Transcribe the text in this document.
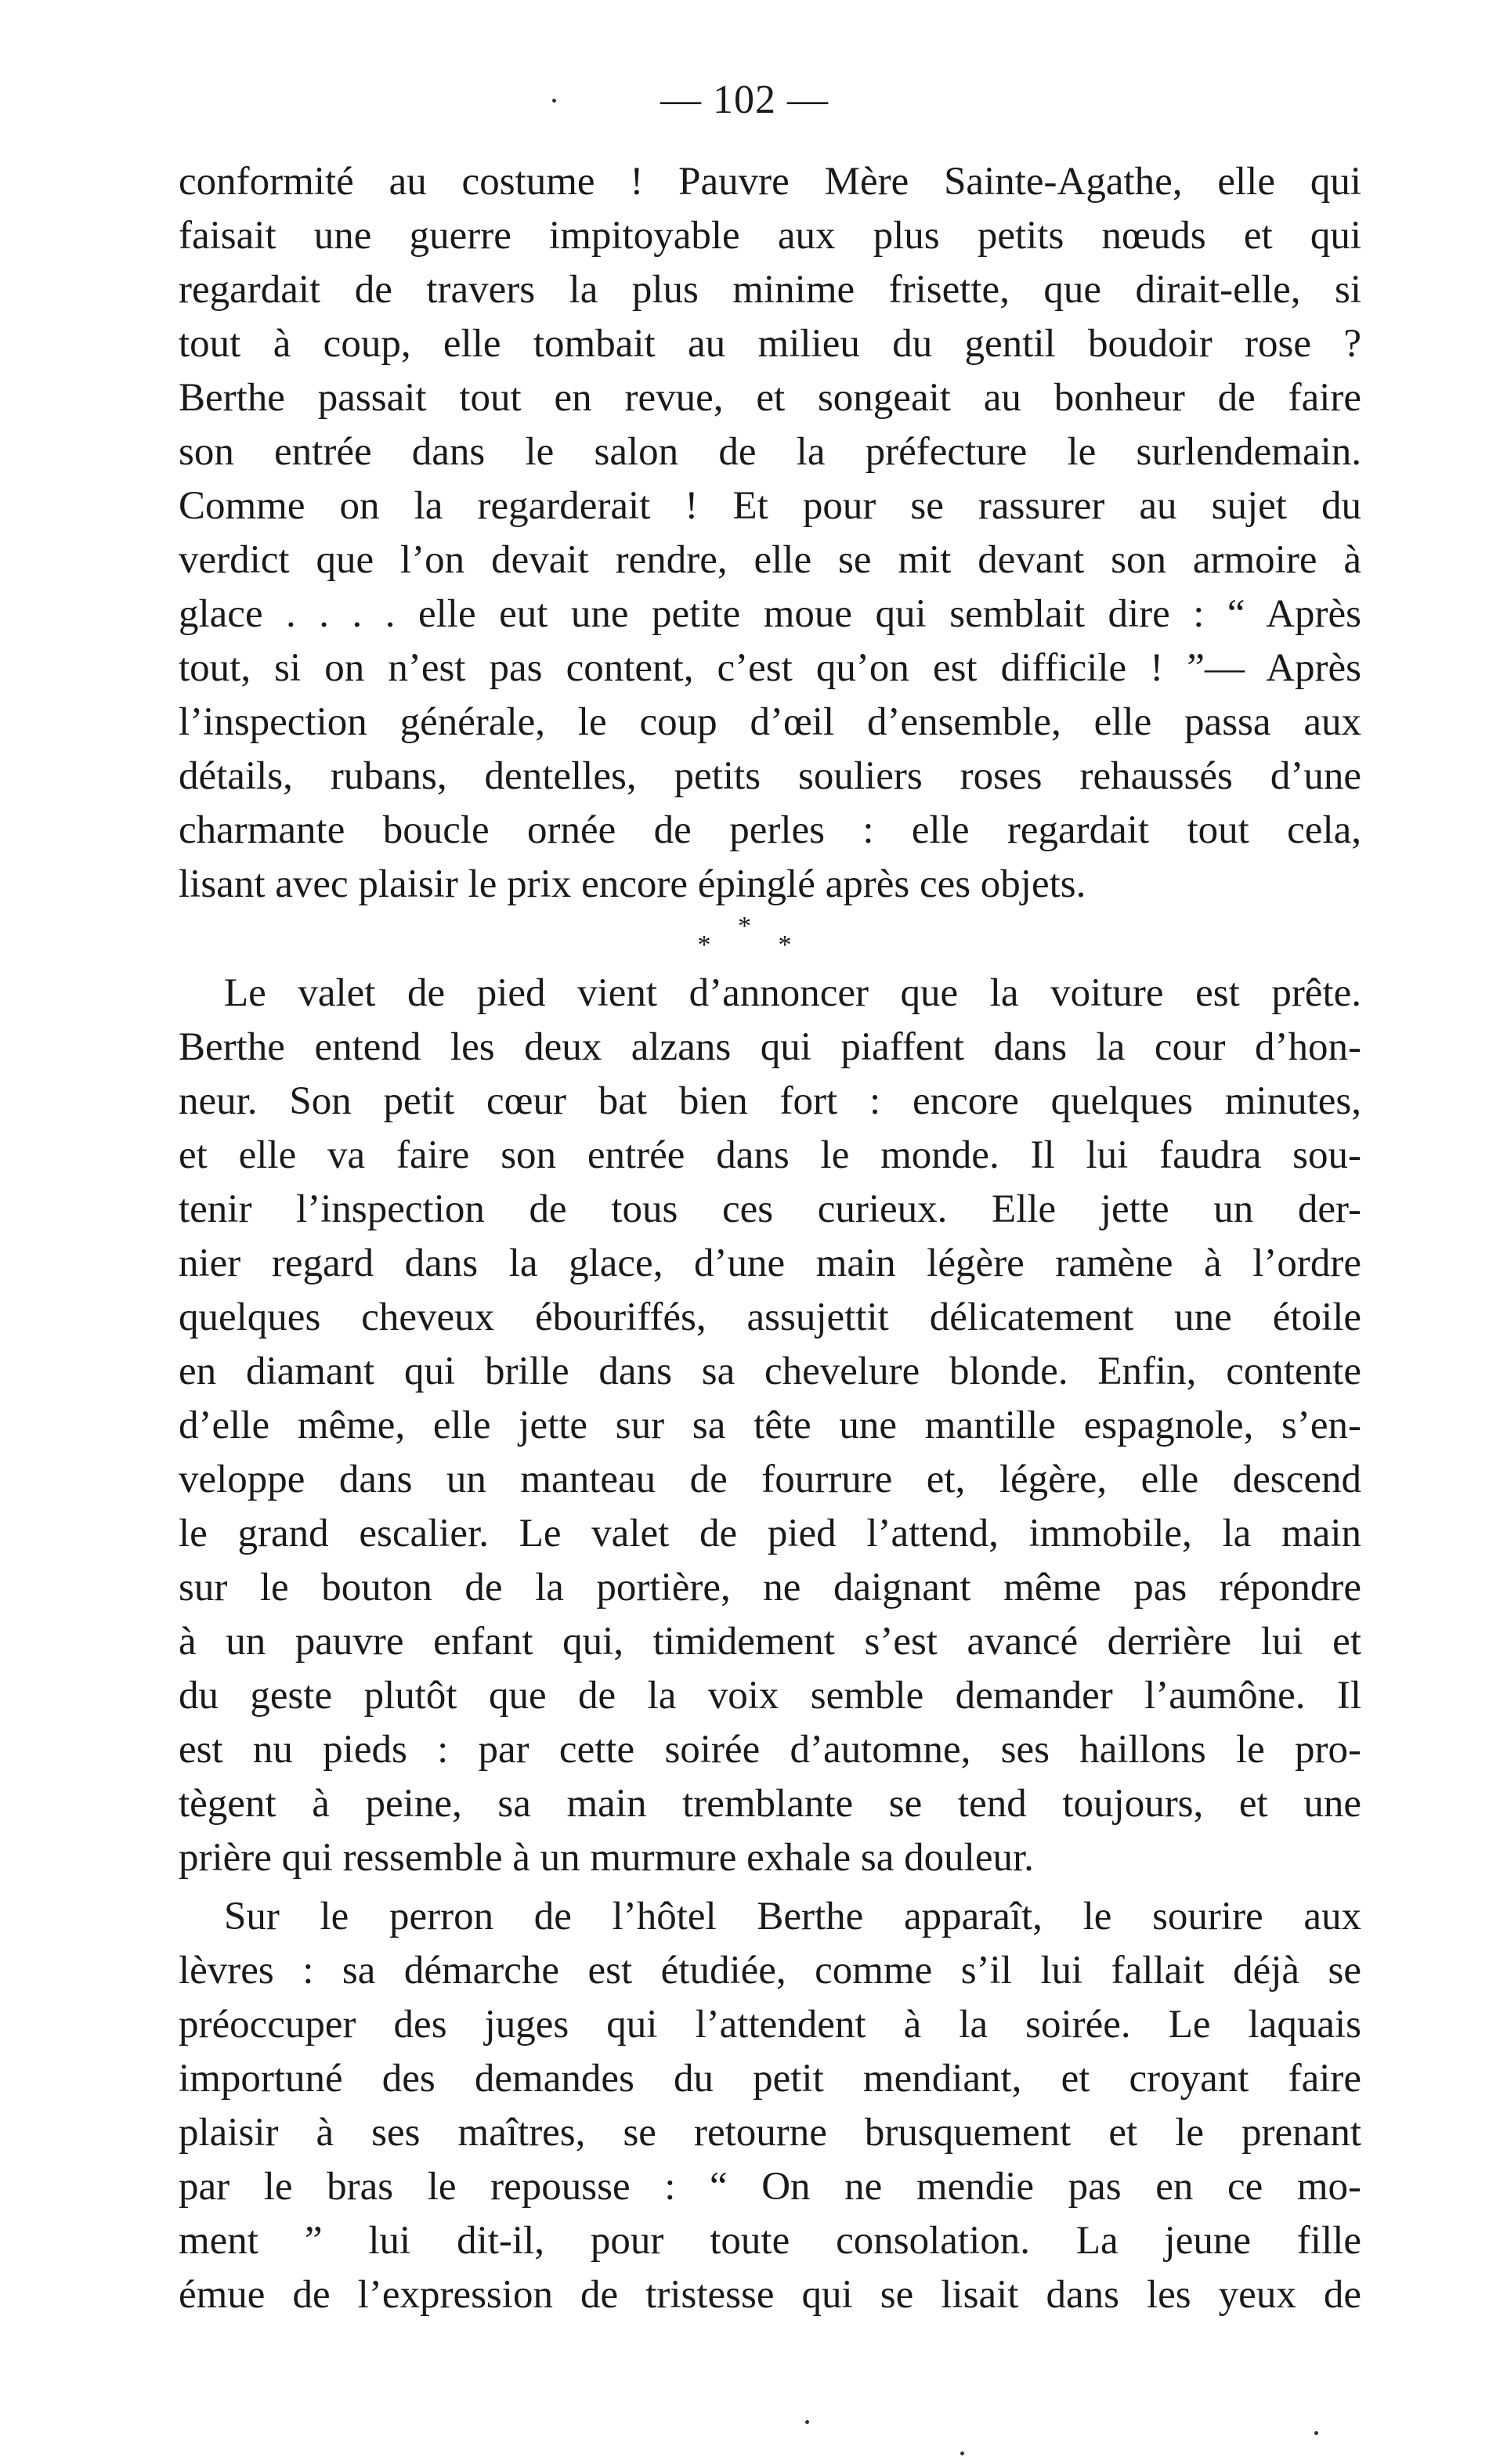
— 102 —
conformité au costume ! Pauvre Mère Sainte-Agathe, elle qui
faisait une guerre impitoyable aux plus petits nœuds et qui
regardait de travers la plus minime frisette, que dirait-elle, si
tout à coup, elle tombait au milieu du gentil boudoir rose ?
Berthe passait tout en revue, et songeait au bonheur de faire
son entrée dans le salon de la préfecture le surlendemain.
Comme on la regarderait ! Et pour se rassurer au sujet du
verdict que l’on devait rendre, elle se mit devant son armoire à
glace . . . . elle eut une petite moue qui semblait dire : “ Après
tout, si on n’est pas content, c’est qu’on est difficile ! ”— Après
l’inspection générale, le coup d’œil d’ensemble, elle passa aux
détails, rubans, dentelles, petits souliers roses rehaussés d’une
charmante boucle ornée de perles : elle regardait tout cela,
lisant avec plaisir le prix encore épinglé après ces objets.
* * *
Le valet de pied vient d’annoncer que la voiture est prête.
Berthe entend les deux alzans qui piaffent dans la cour d’hon-
neur. Son petit cœur bat bien fort : encore quelques minutes,
et elle va faire son entrée dans le monde. Il lui faudra sou-
tenir l’inspection de tous ces curieux. Elle jette un der-
nier regard dans la glace, d’une main légère ramène à l’ordre
quelques cheveux ébouriffés, assujettit délicatement une étoile
en diamant qui brille dans sa chevelure blonde. Enfin, contente
d’elle même, elle jette sur sa tête une mantille espagnole, s’en-
veloppe dans un manteau de fourrure et, légère, elle descend
le grand escalier. Le valet de pied l’attend, immobile, la main
sur le bouton de la portière, ne daignant même pas répondre
à un pauvre enfant qui, timidement s’est avancé derrière lui et
du geste plutôt que de la voix semble demander l’aumône. Il
est nu pieds : par cette soirée d’automne, ses haillons le pro-
tègent à peine, sa main tremblante se tend toujours, et une
prière qui ressemble à un murmure exhale sa douleur.
Sur le perron de l’hôtel Berthe apparaît, le sourire aux
lèvres : sa démarche est étudiée, comme s’il lui fallait déjà se
préoccuper des juges qui l’attendent à la soirée. Le laquais
importuné des demandes du petit mendiant, et croyant faire
plaisir à ses maîtres, se retourne brusquement et le prenant
par le bras le repousse : “ On ne mendie pas en ce mo-
ment ” lui dit-il, pour toute consolation. La jeune fille
émue de l’expression de tristesse qui se lisait dans les yeux de
